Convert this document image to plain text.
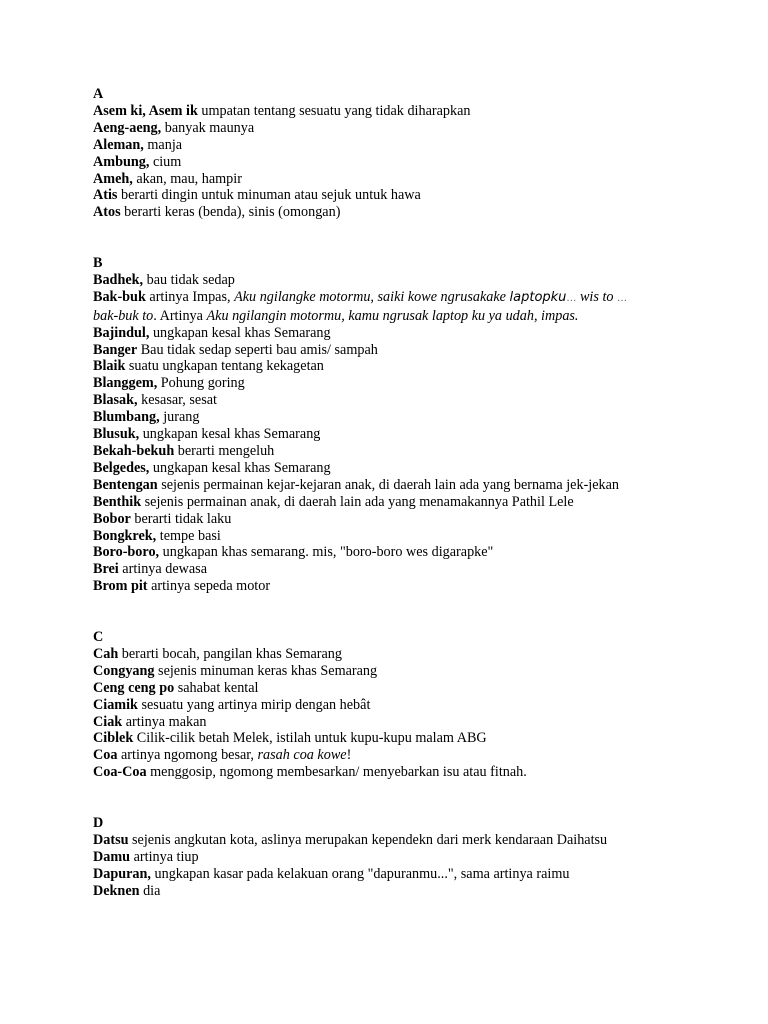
A
Asem ki, Asem ik umpatan tentang sesuatu yang tidak diharapkan
Aeng-aeng, banyak maunya
Aleman, manja
Ambung, cium
Ameh, akan, mau, hampir
Atis berarti dingin untuk minuman atau sejuk untuk hawa
Atos berarti keras (benda), sinis (omongan)
B
Badhek, bau tidak sedap
Bak-buk artinya Impas, Aku ngilangke motormu, saiki kowe ngrusakake laptopku… wis to …
bak-buk to. Artinya Aku ngilangin motormu, kamu ngrusak laptop ku ya udah, impas.
Bajindul, ungkapan kesal khas Semarang
Banger Bau tidak sedap seperti bau amis/ sampah
Blaik suatu ungkapan tentang kekagetan
Blanggem, Pohung goring
Blasak, kesasar, sesat
Blumbang, jurang
Blusuk, ungkapan kesal khas Semarang
Bekah-bekuh berarti mengeluh
Belgedes, ungkapan kesal khas Semarang
Bentengan sejenis permainan kejar-kejaran anak, di daerah lain ada yang bernama jek-jekan
Benthik sejenis permainan anak, di daerah lain ada yang menamakannya Pathil Lele
Bobor berarti tidak laku
Bongkrek, tempe basi
Boro-boro, ungkapan khas semarang. mis, "boro-boro wes digarapke"
Brei artinya dewasa
Brom pit artinya sepeda motor
C
Cah berarti bocah, pangilan khas Semarang
Congyang sejenis minuman keras khas Semarang
Ceng ceng po sahabat kental
Ciamik sesuatu yang artinya mirip dengan hebât
Ciak artinya makan
Ciblek Cilik-cilik betah Melek, istilah untuk kupu-kupu malam ABG
Coa artinya ngomong besar, rasah coa kowe!
Coa-Coa menggosip, ngomong membesarkan/ menyebarkan isu atau fitnah.
D
Datsu sejenis angkutan kota, aslinya merupakan kependekn dari merk kendaraan Daihatsu
Damu artinya tiup
Dapuran, ungkapan kasar pada kelakuan orang "dapuranmu...", sama artinya raimu
Deknen dia
